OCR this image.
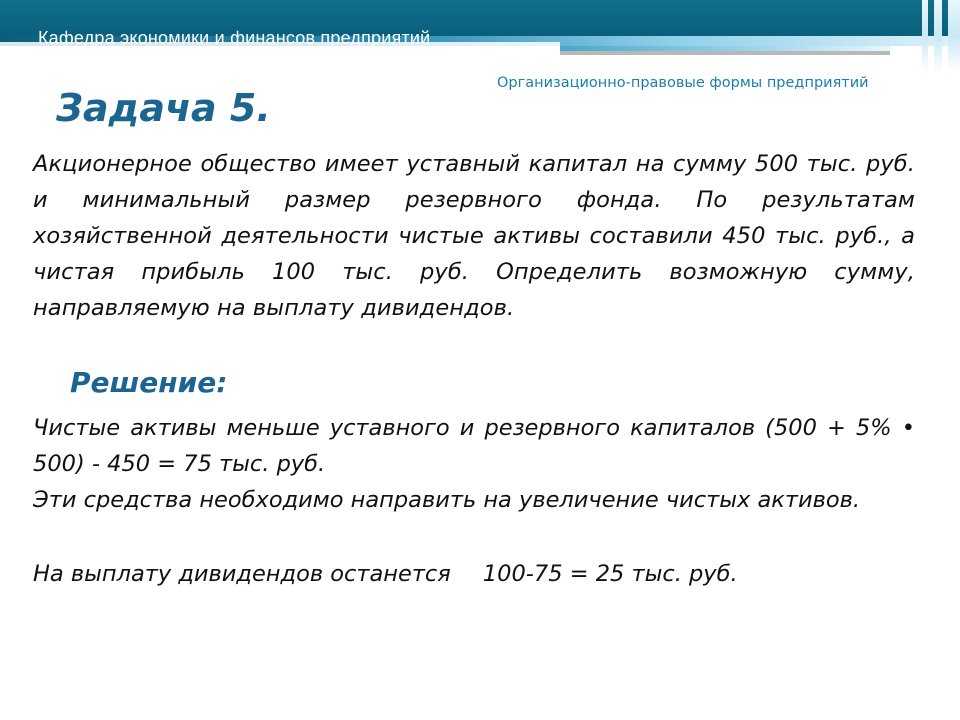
Кафедра экономики и финансов предприятий
Организационно-правовые формы предприятий
Задача 5.

Акционерное общество имеет уставный капитал на сумму 500 тыс. руб. и минимальный размер резервного фонда. По результатам хозяйственной деятельности чистые активы составили 450 тыс. руб., а чистая прибыль 100 тыс. руб. Определить возможную сумму, направляемую на выплату дивидендов.

Решение:

Чистые активы меньше уставного и резервного капиталов (500 + 5% • 500) - 450 = 75 тыс. руб.

Эти средства необходимо направить на увеличение чистых активов.

На выплату дивидендов останется 100-75 = 25 тыс. руб.
